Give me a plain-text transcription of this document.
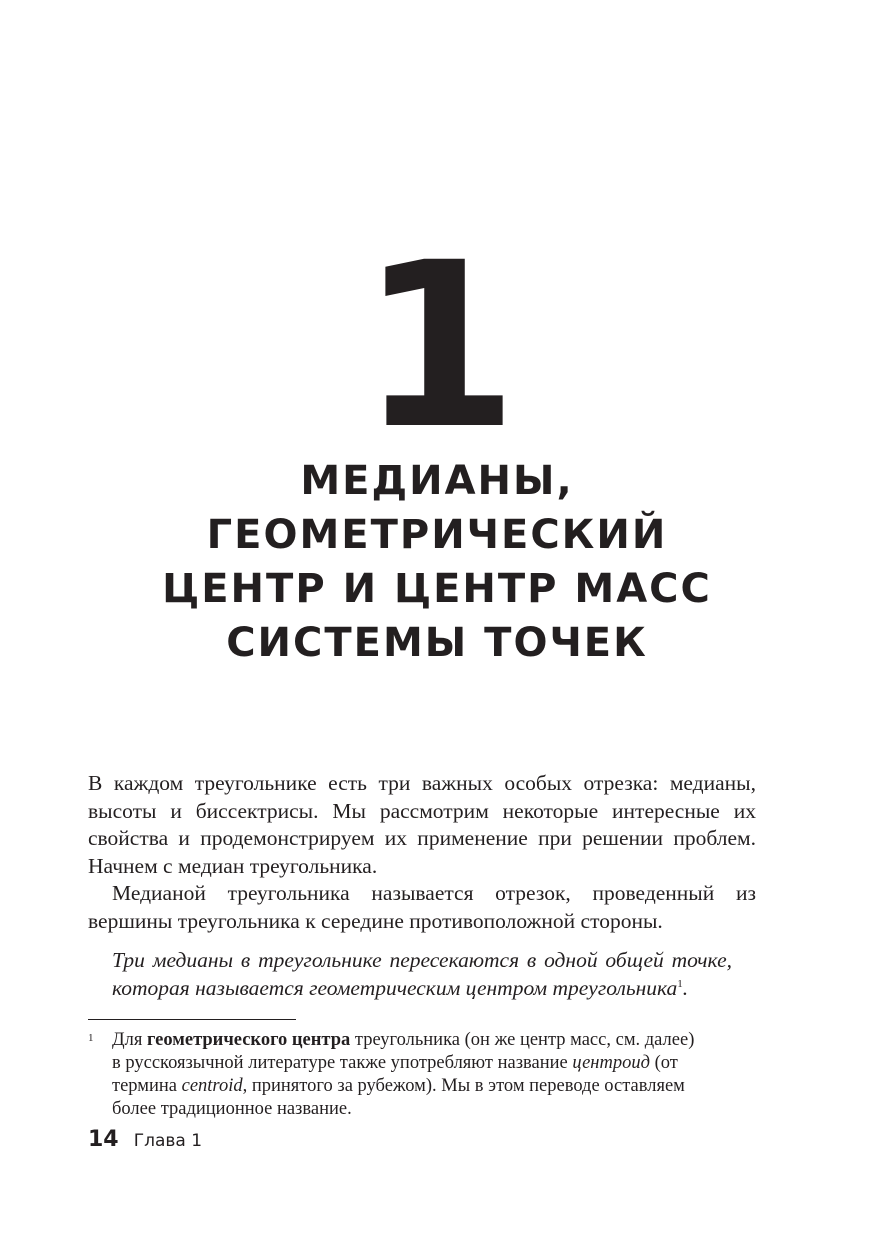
1
МЕДИАНЫ,
ГЕОМЕТРИЧЕСКИЙ
ЦЕНТР И ЦЕНТР МАСС
СИСТЕМЫ ТОЧЕК

В каждом треугольнике есть три важных особых отрезка: медианы, высоты и биссектрисы. Мы рассмотрим некоторые интересные их свойства и продемонстрируем их применение при решении проблем. Начнем с медиан треугольника.

Медианой треугольника называется отрезок, проведенный из вершины треугольника к середине противоположной стороны.

Три медианы в треугольнике пересекаются в одной общей точке, которая называется геометрическим центром треугольника$^1$.
1 Для геометрического центра треугольника (он же центр масс, см. далее)
в русскоязычной литературе также употребляют название центроид (от
термина centroid, принятого за рубежом). Мы в этом переводе оставляем
более традиционное название.
14 Глава 1
